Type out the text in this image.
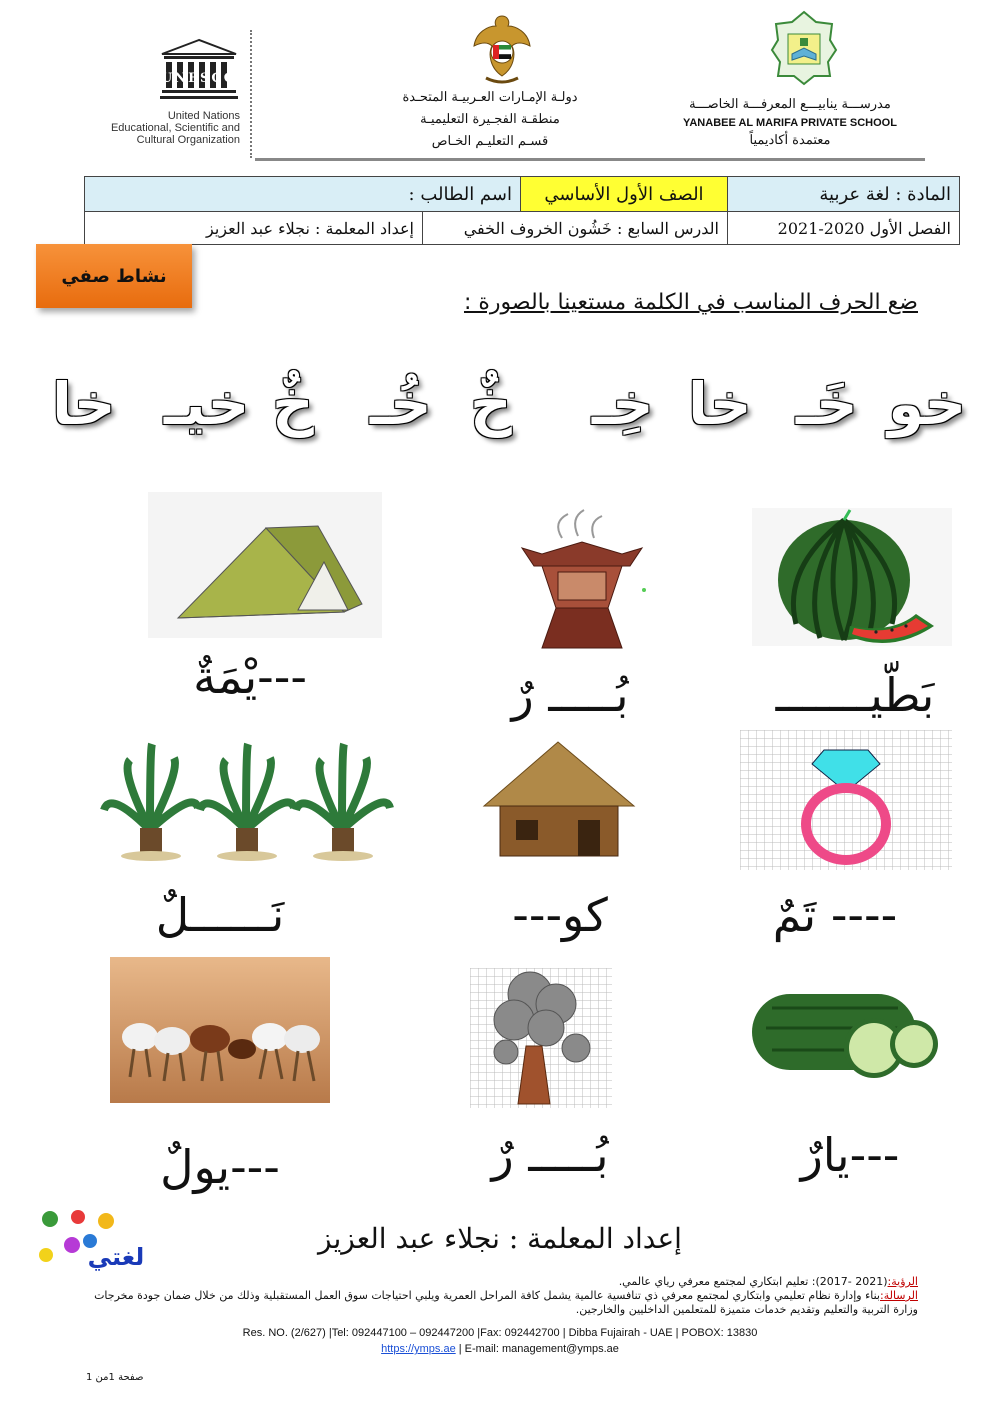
UNESCO
United Nations
Educational, Scientific and
Cultural Organization
دولـة الإمـارات العـربيـة المتحـدة
منطقـة الفجـيرة التعليميـة
قسـم التعليـم الخـاص
مدرســـة ينابيـــع المعرفـــة الخاصـــة
YANABEE AL MARIFA PRIVATE SCHOOL
معتمدة أكاديمياً
المادة : لغة عربية	الصف الأول الأساسي	اسم الطالب :	
الفصل الأول 2020-2021	الدرس السابع : خَشُون الخروف الخفي		إعداد المعلمة : نجلاء عبد العزيز
نشاط صفي
ضع الحرف المناسب في الكلمة مستعينا بالصورة :
خو
خَـ
خا
خِـ
خٌ
خُـ
خٌ
خيـ
خا
بَطّيـــــــ
بُـــــ رٌ
---يْمَةٌ
---- تَمٌ
كو---
نَــــــلٌ
---يارٌ
بُـــــ رٌ
---يولٌ
لغتي
إعداد المعلمة : نجلاء عبد العزيز
الرؤية:(2021 -2017): تعليم ابتكاري لمجتمع معرفي رياي عالمي.
الرسالة:بناء وإدارة نظام تعليمي وابتكاري لمجتمع معرفي ذي تنافسية عالمية يشمل كافة المراحل العمرية ويلبي احتياجات سوق العمل المستقبلية وذلك من خلال ضمان جودة مخرجات وزارة التربية والتعليم وتقديم خدمات متميزة للمتعلمين الداخليين والخارجين.
Res. NO. (2/627) |Tel: 092447100 – 092447200 |Fax: 092442700 | Dibba Fujairah - UAE | POBOX: 13830
https://ymps.ae | E-mail: management@ymps.ae
صفحة 1من 1
